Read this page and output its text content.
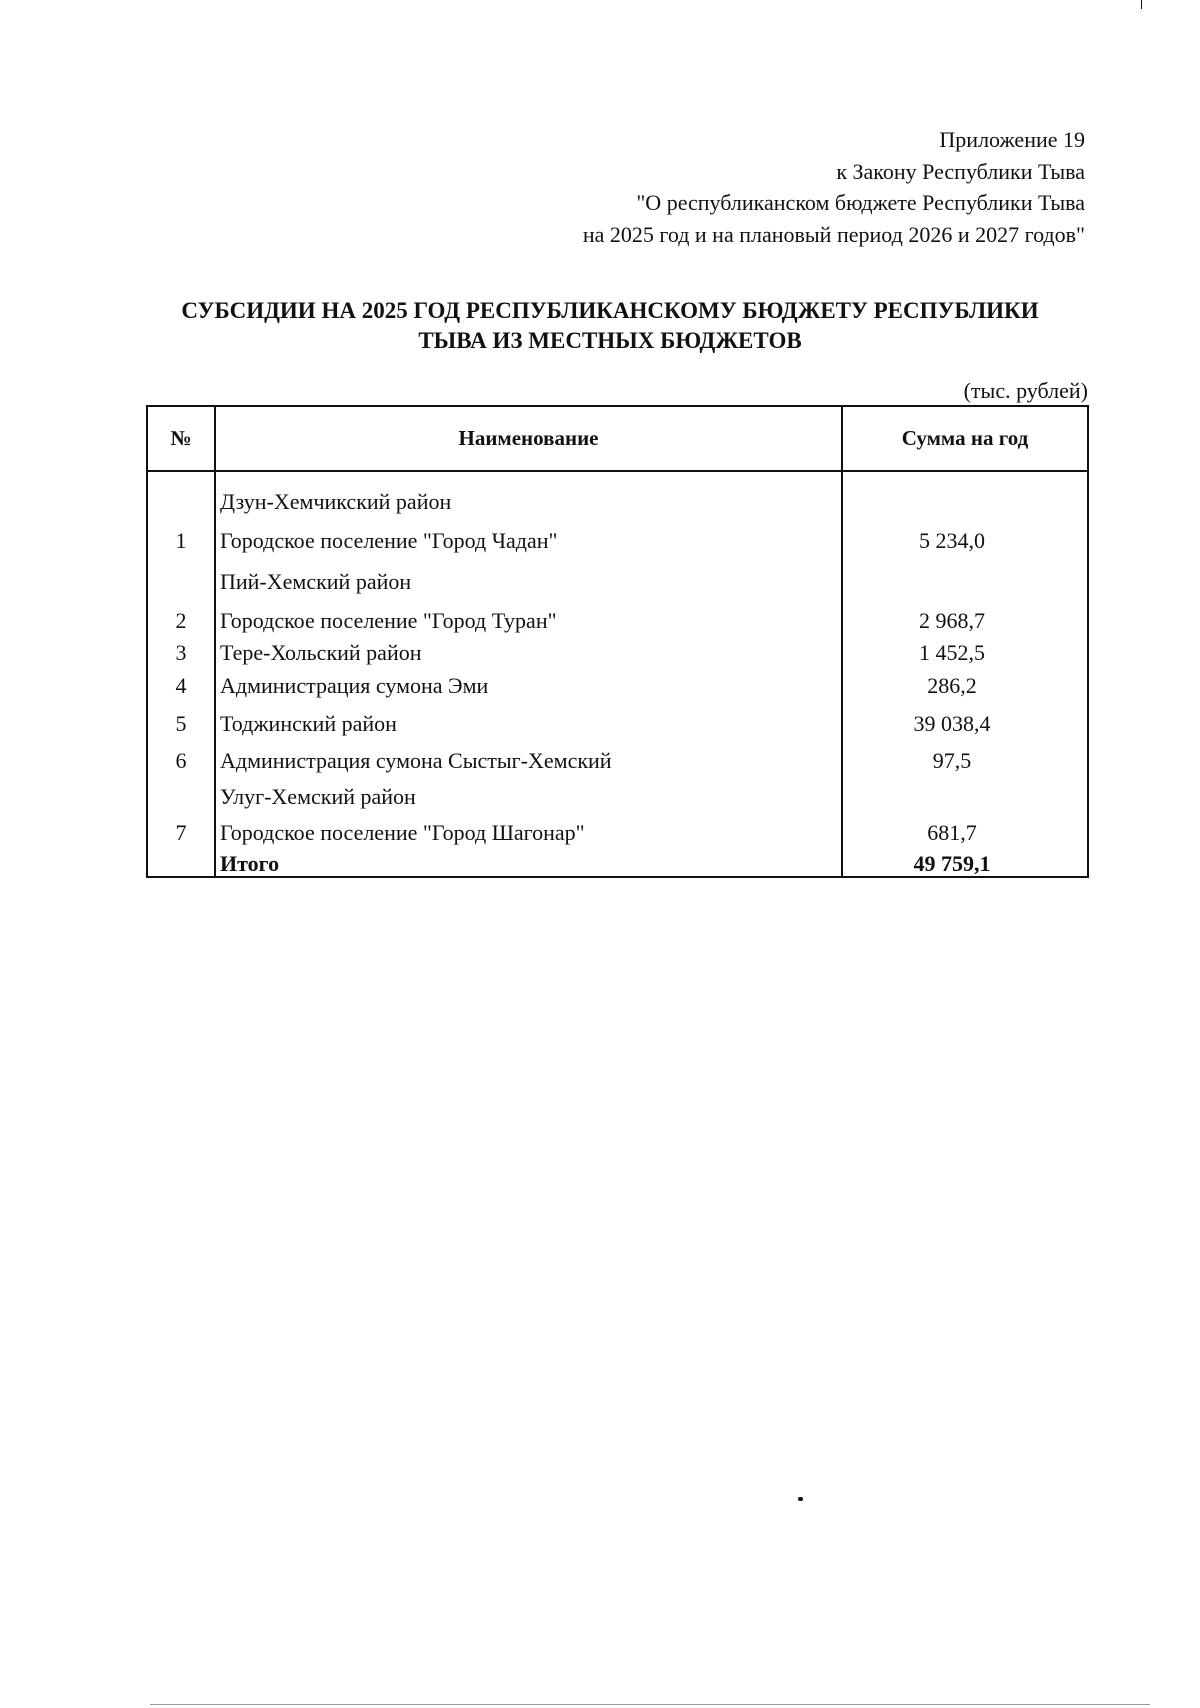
Приложение 19
к Закону Республики Тыва
"О республиканском бюджете Республики Тыва
на 2025 год и на плановый период 2026 и 2027 годов"
СУБСИДИИ НА 2025 ГОД РЕСПУБЛИКАНСКОМУ БЮДЖЕТУ РЕСПУБЛИКИ
ТЫВА ИЗ МЕСТНЫХ БЮДЖЕТОВ
(тыс. рублей)
№	Наименование	Сумма на год
	Дзун-Хемчикский район	
1	Городское поселение "Город Чадан"	5 234,0
	Пий-Хемский район	
2	Городское поселение "Город Туран"	2 968,7
3	Тере-Хольский район	1 452,5
4	Администрация сумона Эми	286,2
5	Тоджинский район	39 038,4
6	Администрация сумона Сыстыг-Хемский	97,5
	Улуг-Хемский район	
7	Городское поселение "Город Шагонар"	681,7
	Итого	49 759,1
